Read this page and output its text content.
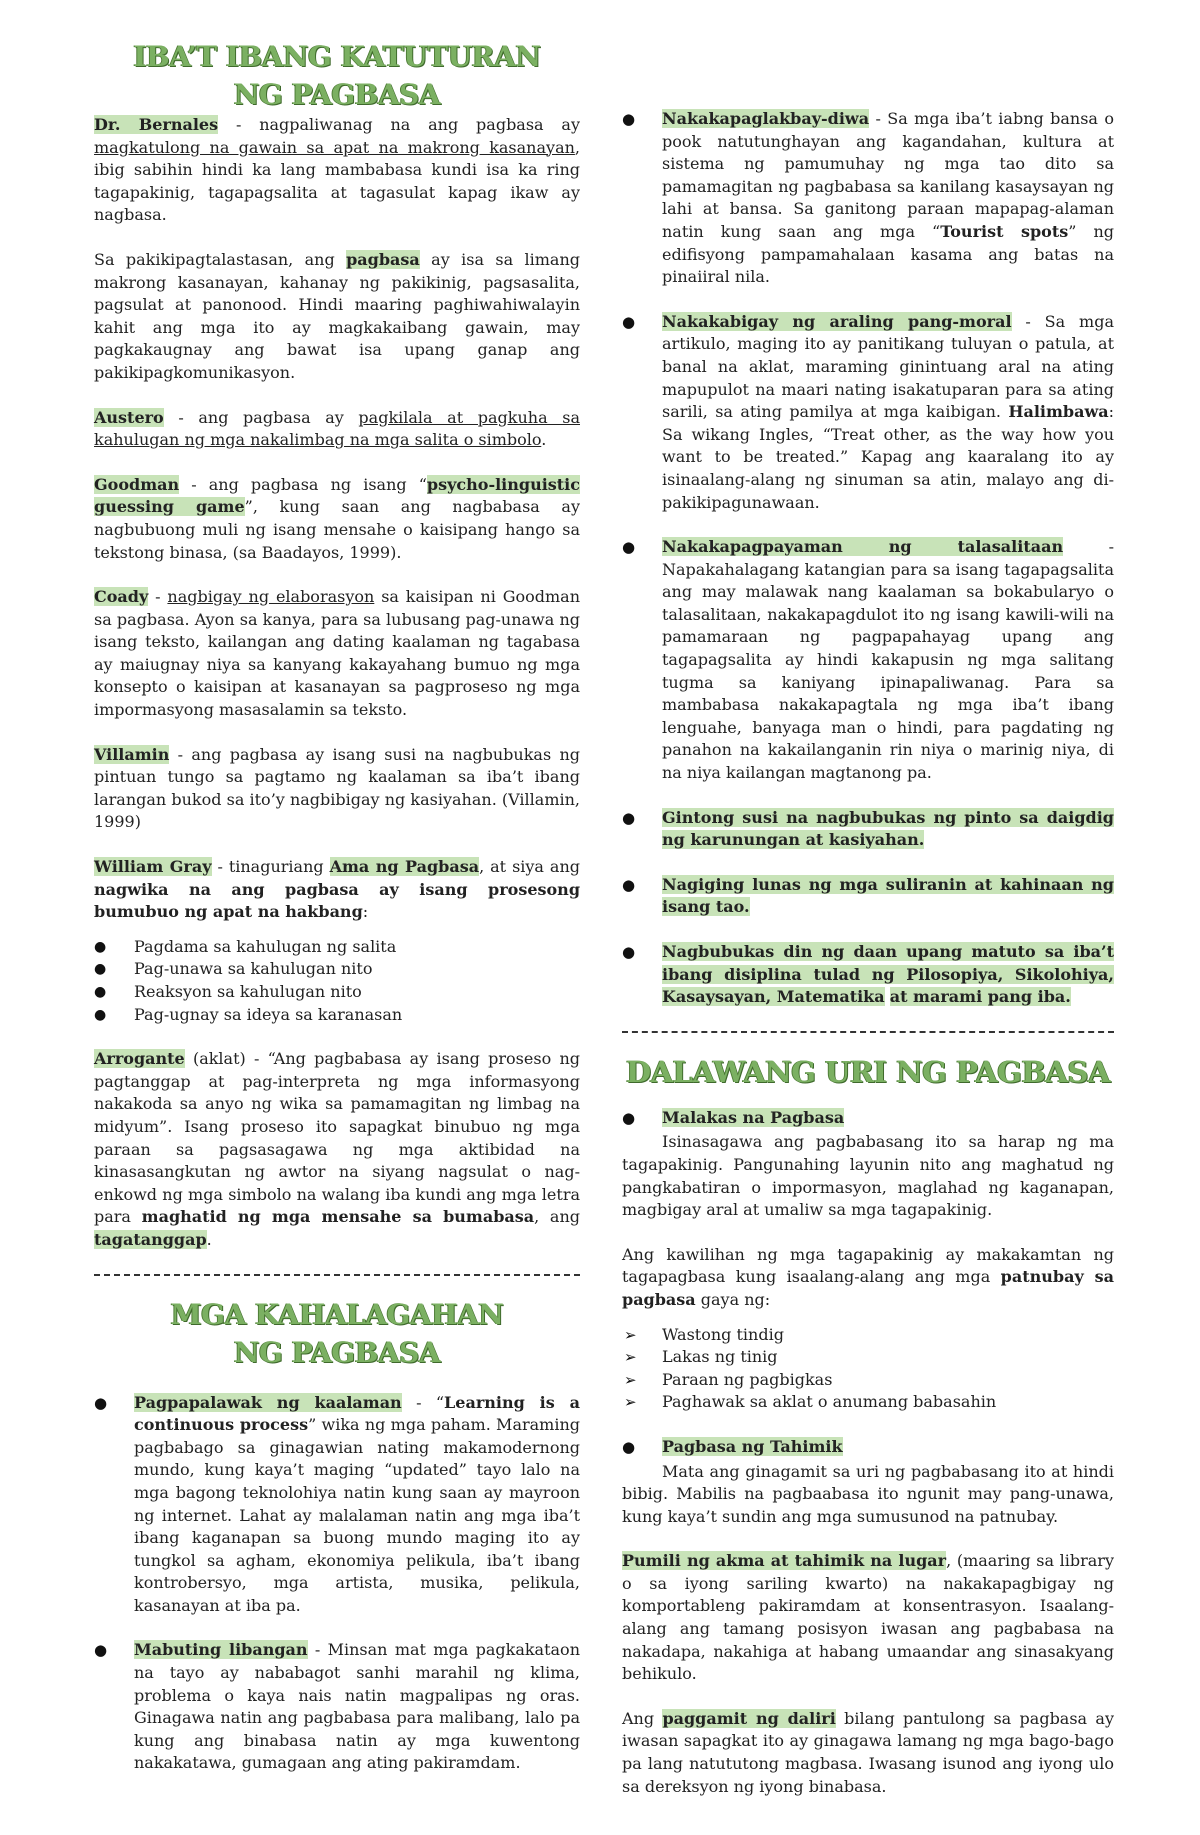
IBA’T IBANG KATUTURAN
NG PAGBASA

Dr. Bernales - nagpaliwanag na ang pagbasa ay magkatulong na gawain sa apat na makrong kasanayan, ibig sabihin hindi ka lang mambabasa kundi isa ka ring tagapakinig, tagapagsalita at tagasulat kapag ikaw ay nagbasa.

Sa pakikipagtalastasan, ang pagbasa ay isa sa limang makrong kasanayan, kahanay ng pakikinig, pagsasalita, pagsulat at panonood. Hindi maaring paghiwahiwalayin kahit ang mga ito ay magkakaibang gawain, may pagkakaugnay ang bawat isa upang ganap ang pakikipagkomunikasyon.

Austero - ang pagbasa ay pagkilala at pagkuha sa kahulugan ng mga nakalimbag na mga salita o simbolo.

Goodman - ang pagbasa ng isang “psycho-linguistic guessing game”, kung saan ang nagbabasa ay nagbubuong muli ng isang mensahe o kaisipang hango sa tekstong binasa, (sa Baadayos, 1999).

Coady - nagbigay ng elaborasyon sa kaisipan ni Goodman sa pagbasa. Ayon sa kanya, para sa lubusang pag-unawa ng isang teksto, kailangan ang dating kaalaman ng tagabasa ay maiugnay niya sa kanyang kakayahang bumuo ng mga konsepto o kaisipan at kasanayan sa pagproseso ng mga impormasyong masasalamin sa teksto.

Villamin - ang pagbasa ay isang susi na nagbubukas ng pintuan tungo sa pagtamo ng kaalaman sa iba’t ibang larangan bukod sa ito’y nagbibigay ng kasiyahan. (Villamin, 1999)

William Gray - tinaguriang Ama ng Pagbasa, at siya ang nagwika na ang pagbasa ay isang prosesong bumubuo ng apat na hakbang:

● Pagdama sa kahulugan ng salita
● Pag-unawa sa kahulugan nito
● Reaksyon sa kahulugan nito
● Pag-ugnay sa ideya sa karanasan

Arrogante (aklat) - “Ang pagbabasa ay isang proseso ng pagtanggap at pag-interpreta ng mga informasyong nakakoda sa anyo ng wika sa pamamagitan ng limbag na midyum”. Isang proseso ito sapagkat binubuo ng mga paraan sa pagsasagawa ng mga aktibidad na kinasasangkutan ng awtor na siyang nagsulat o nag-enkowd ng mga simbolo na walang iba kundi ang mga letra para maghatid ng mga mensahe sa bumabasa, ang tagatanggap.

MGA KAHALAGAHAN
NG PAGBASA
● Pagpapalawak ng kaalaman - “Learning is a continuous process” wika ng mga paham. Maraming pagbabago sa ginagawian nating makamodernong mundo, kung kaya’t maging “updated” tayo lalo na mga bagong teknolohiya natin kung saan ay mayroon ng internet. Lahat ay malalaman natin ang mga iba’t ibang kaganapan sa buong mundo maging ito ay tungkol sa agham, ekonomiya pelikula, iba’t ibang kontrobersyo, mga artista, musika, pelikula, kasanayan at iba pa.
● Mabuting libangan - Minsan mat mga pagkakataon na tayo ay nababagot sanhi marahil ng klima, problema o kaya nais natin magpalipas ng oras. Ginagawa natin ang pagbabasa para malibang, lalo pa kung ang binabasa natin ay mga kuwentong nakakatawa, gumagaan ang ating pakiramdam.
● Nakakapaglakbay-diwa - Sa mga iba’t iabng bansa o pook natutunghayan ang kagandahan, kultura at sistema ng pamumuhay ng mga tao dito sa pamamagitan ng pagbabasa sa kanilang kasaysayan ng lahi at bansa. Sa ganitong paraan mapapag-alaman natin kung saan ang mga “Tourist spots” ng edifisyong pampamahalaan kasama ang batas na pinaiiral nila.
● Nakakabigay ng araling pang-moral - Sa mga artikulo, maging ito ay panitikang tuluyan o patula, at banal na aklat, maraming ginintuang aral na ating mapupulot na maari nating isakatuparan para sa ating sarili, sa ating pamilya at mga kaibigan. Halimbawa: Sa wikang Ingles, “Treat other, as the way how you want to be treated.” Kapag ang kaaralang ito ay isinaalang-alang ng sinuman sa atin, malayo ang di-pakikipagunawaan.
● Nakakapagpayaman ng talasalitaan - Napakahalagang katangian para sa isang tagapagsalita ang may malawak nang kaalaman sa bokabularyo o talasalitaan, nakakapagdulot ito ng isang kawili-wili na pamamaraan ng pagpapahayag upang ang tagapagsalita ay hindi kakapusin ng mga salitang tugma sa kaniyang ipinapaliwanag. Para sa mambabasa nakakapagtala ng mga iba’t ibang lenguahe, banyaga man o hindi, para pagdating ng panahon na kakailanganin rin niya o marinig niya, di na niya kailangan magtanong pa.
● Gintong susi na nagbubukas ng pinto sa daigdig ng karunungan at kasiyahan.
● Nagiging lunas ng mga suliranin at kahinaan ng isang tao.
● Nagbubukas din ng daan upang matuto sa iba’t ibang disiplina tulad ng Pilosopiya, Sikolohiya, Kasaysayan, Matematika at marami pang iba.
DALAWANG URI NG PAGBASA
● Malakas na Pagbasa

Isinasagawa ang pagbabasang ito sa harap ng ma tagapakinig. Pangunahing layunin nito ang maghatud ng pangkabatiran o impormasyon, maglahad ng kaganapan, magbigay aral at umaliw sa mga tagapakinig.

Ang kawilihan ng mga tagapakinig ay makakamtan ng tagapagbasa kung isaalang-alang ang mga patnubay sa pagbasa gaya ng:

➢ Wastong tindig
➢ Lakas ng tinig
➢ Paraan ng pagbigkas
➢ Paghawak sa aklat o anumang babasahin
● Pagbasa ng Tahimik

Mata ang ginagamit sa uri ng pagbabasang ito at hindi bibig. Mabilis na pagbaabasa ito ngunit may pang-unawa, kung kaya’t sundin ang mga sumusunod na patnubay.

Pumili ng akma at tahimik na lugar, (maaring sa library o sa iyong sariling kwarto) na nakakapagbigay ng komportableng pakiramdam at konsentrasyon. Isaalang-alang ang tamang posisyon iwasan ang pagbabasa na nakadapa, nakahiga at habang umaandar ang sinasakyang behikulo.

Ang paggamit ng daliri bilang pantulong sa pagbasa ay iwasan sapagkat ito ay ginagawa lamang ng mga bago-bago pa lang natututong magbasa. Iwasang isunod ang iyong ulo sa dereksyon ng iyong binabasa.
